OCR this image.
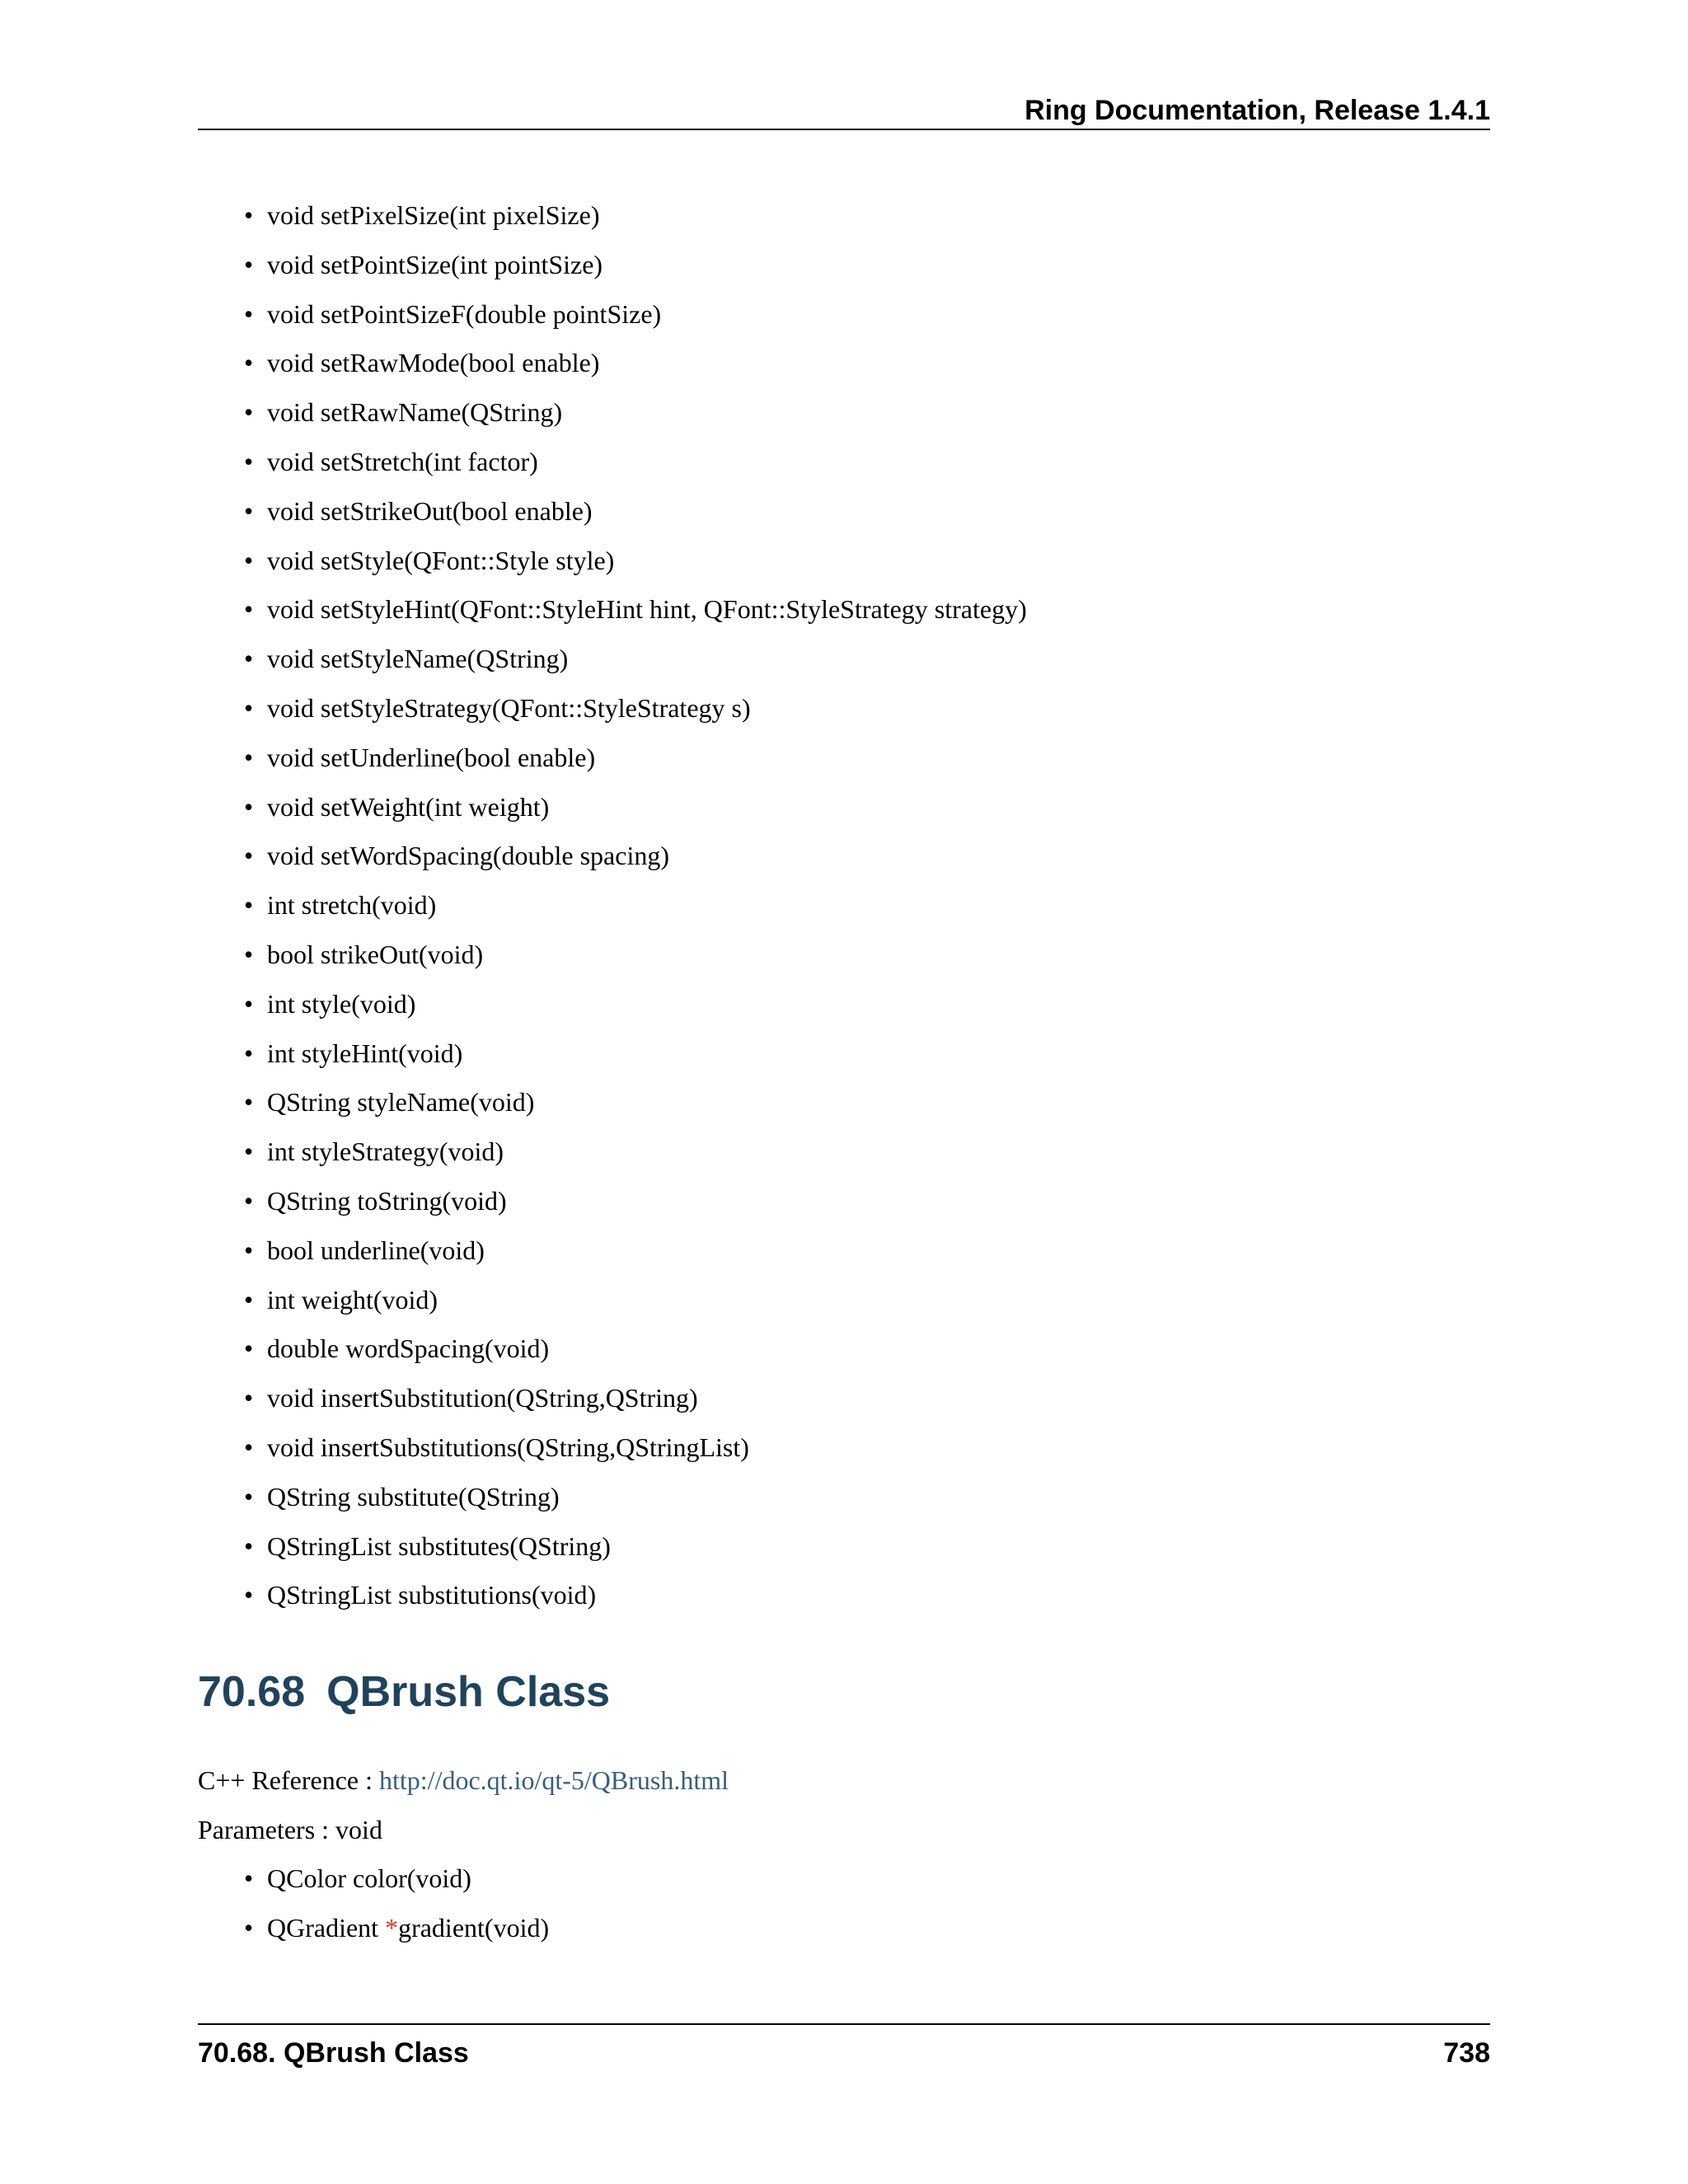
Ring Documentation, Release 1.4.1
• void setPixelSize(int pixelSize)
• void setPointSize(int pointSize)
• void setPointSizeF(double pointSize)
• void setRawMode(bool enable)
• void setRawName(QString)
• void setStretch(int factor)
• void setStrikeOut(bool enable)
• void setStyle(QFont::Style style)
• void setStyleHint(QFont::StyleHint hint, QFont::StyleStrategy strategy)
• void setStyleName(QString)
• void setStyleStrategy(QFont::StyleStrategy s)
• void setUnderline(bool enable)
• void setWeight(int weight)
• void setWordSpacing(double spacing)
• int stretch(void)
• bool strikeOut(void)
• int style(void)
• int styleHint(void)
• QString styleName(void)
• int styleStrategy(void)
• QString toString(void)
• bool underline(void)
• int weight(void)
• double wordSpacing(void)
• void insertSubstitution(QString,QString)
• void insertSubstitutions(QString,QStringList)
• QString substitute(QString)
• QStringList substitutes(QString)
• QStringList substitutions(void)
70.68 QBrush Class
C++ Reference : http://doc.qt.io/qt-5/QBrush.html
Parameters : void
• QColor color(void)
• QGradient *gradient(void)
70.68. QBrush Class	738
